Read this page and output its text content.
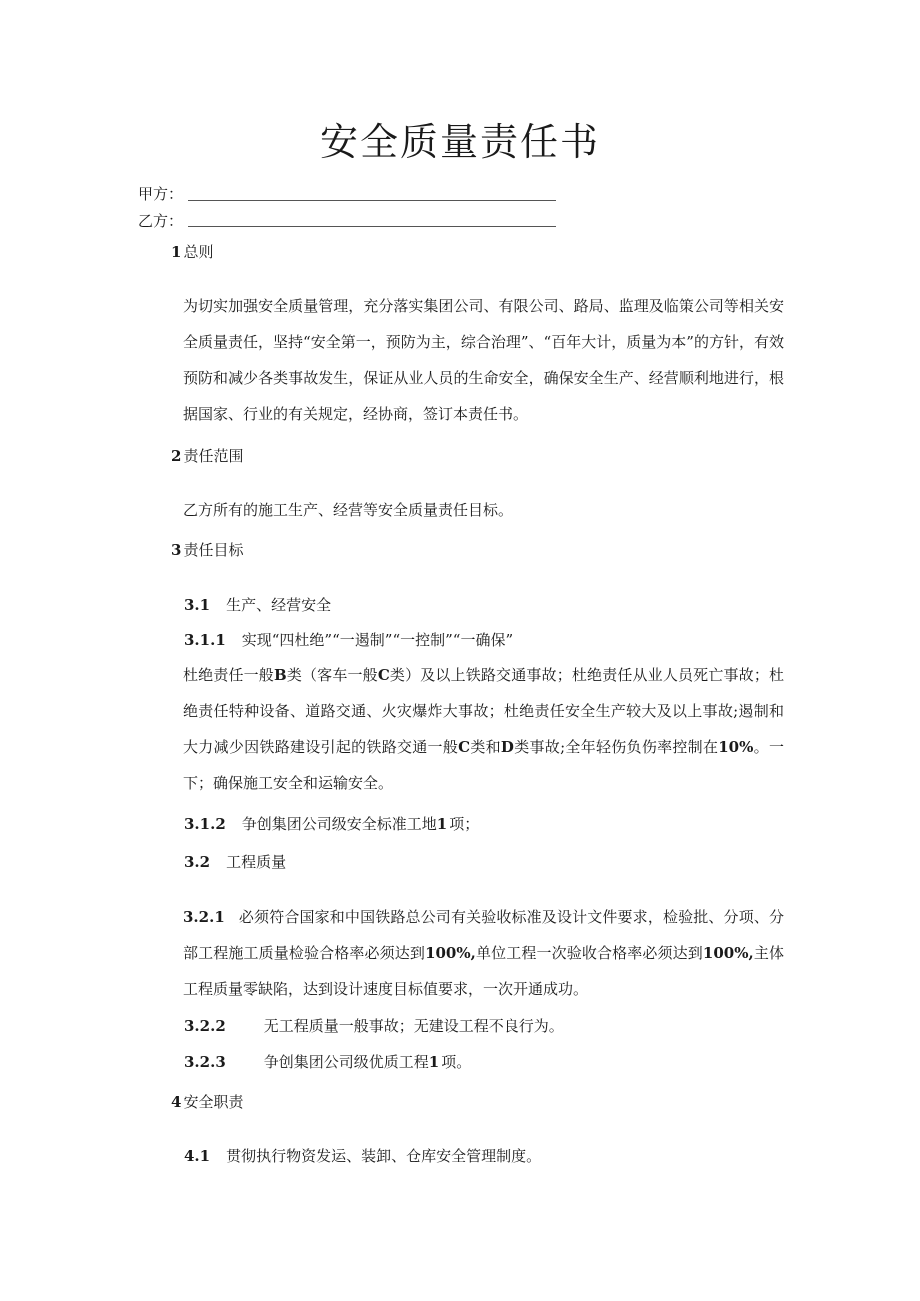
安全质量责任书
甲方：
乙方：
1 总则
为切实加强安全质量管理，充分落实集团公司、有限公司、路局、监理及临策公司等相关安全质量责任，坚持“安全第一，预防为主，综合治理”、“百年大计，质量为本”的方针，有效预防和减少各类事故发生，保证从业人员的生命安全，确保安全生产、经营顺利地进行，根据国家、行业的有关规定，经协商，签订本责任书。
2 责任范围
乙方所有的施工生产、经营等安全质量责任目标。
3 责任目标
3.1 生产、经营安全
3.1.1 实现“四杜绝”“一遏制”“一控制”“一确保”
杜绝责任一般B类（客车一般C类）及以上铁路交通事故；杜绝责任从业人员死亡事故；杜绝责任特种设备、道路交通、火灾爆炸大事故；杜绝责任安全生产较大及以上事故;遏制和大力减少因铁路建设引起的铁路交通一般C类和D类事故;全年轻伤负伤率控制在10%。一下；确保施工安全和运输安全。
3.1.2 争创集团公司级安全标准工地1 项；
3.2 工程质量
3.2.1 必须符合国家和中国铁路总公司有关验收标准及设计文件要求，检验批、分项、分部工程施工质量检验合格率必须达到100%,单位工程一次验收合格率必须达到100%,主体工程质量零缺陷，达到设计速度目标值要求，一次开通成功。
3.2.2	无工程质量一般事故；无建设工程不良行为。
3.2.3	争创集团公司级优质工程1 项。
4 安全职责
4.1 贯彻执行物资发运、装卸、仓库安全管理制度。
